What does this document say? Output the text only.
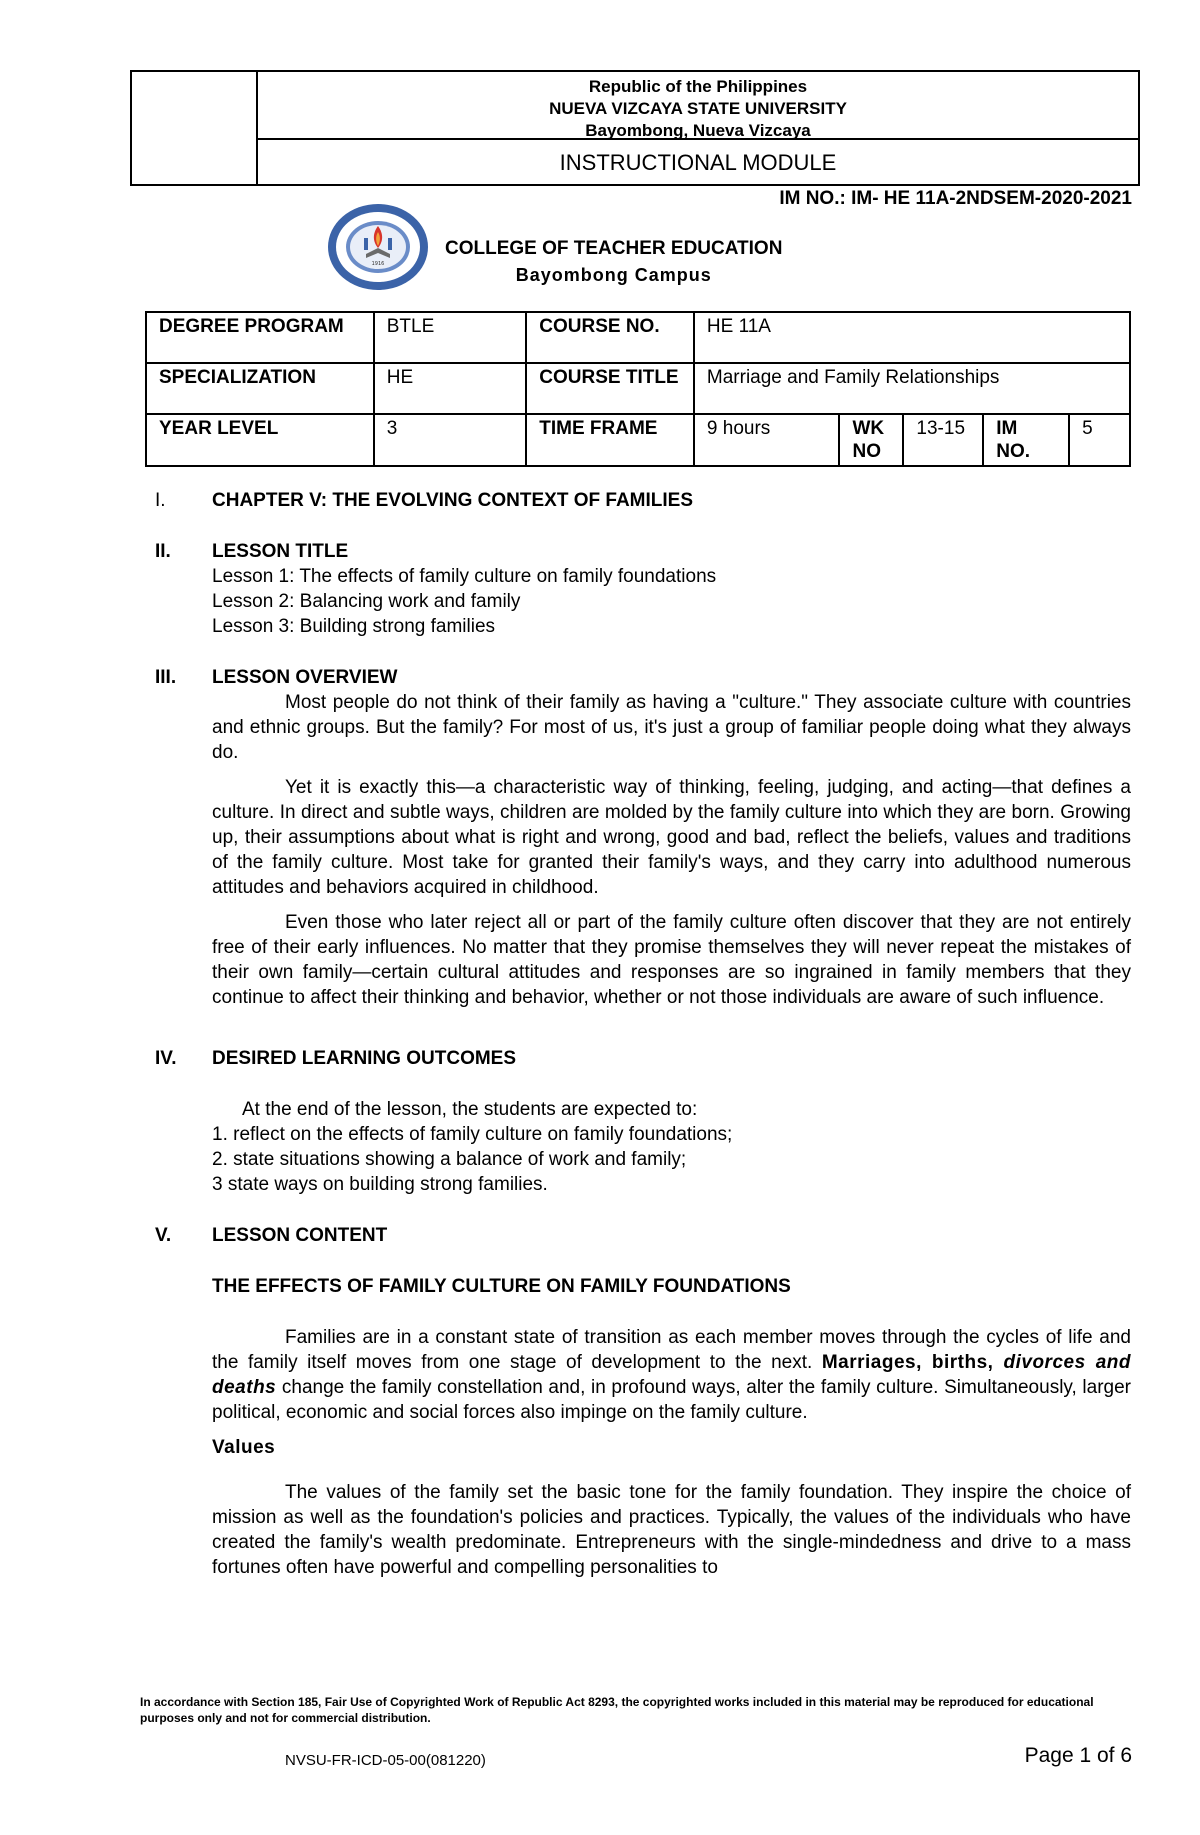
Republic of the Philippines
NUEVA VIZCAYA STATE UNIVERSITY
Bayombong, Nueva Vizcaya
INSTRUCTIONAL MODULE
IM NO.: IM- HE 11A-2NDSEM-2020-2021
1916
COLLEGE OF TEACHER EDUCATION
Bayombong Campus
DEGREE PROGRAM	BTLE	COURSE NO.	HE 11A				
SPECIALIZATION	HE	COURSE TITLE	Marriage and Family Relationships				
YEAR LEVEL	3	TIME FRAME	9 hours	WK NO	13-15	IM NO.	5
I.	CHAPTER V: THE EVOLVING CONTEXT OF FAMILIES
II.	LESSON TITLE
Lesson 1: The effects of family culture on family foundations
Lesson 2: Balancing work and family
Lesson 3: Building strong families
III.	LESSON OVERVIEW

Most people do not think of their family as having a "culture." They associate culture with countries and ethnic groups. But the family? For most of us, it's just a group of familiar people doing what they always do.

Yet it is exactly this—a characteristic way of thinking, feeling, judging, and acting—that defines a culture. In direct and subtle ways, children are molded by the family culture into which they are born. Growing up, their assumptions about what is right and wrong, good and bad, reflect the beliefs, values and traditions of the family culture. Most take for granted their family's ways, and they carry into adulthood numerous attitudes and behaviors acquired in childhood.

Even those who later reject all or part of the family culture often discover that they are not entirely free of their early influences. No matter that they promise themselves they will never repeat the mistakes of their own family—certain cultural attitudes and responses are so ingrained in family members that they continue to affect their thinking and behavior, whether or not those individuals are aware of such influence.

IV.	DESIRED LEARNING OUTCOMES
At the end of the lesson, the students are expected to:
1. reflect on the effects of family culture on family foundations;
2. state situations showing a balance of work and family;
3 state ways on building strong families.
V.	LESSON CONTENT
THE EFFECTS OF FAMILY CULTURE ON FAMILY FOUNDATIONS

Families are in a constant state of transition as each member moves through the cycles of life and the family itself moves from one stage of development to the next. Marriages, births, divorces and deaths change the family constellation and, in profound ways, alter the family culture. Simultaneously, larger political, economic and social forces also impinge on the family culture.

Values

The values of the family set the basic tone for the family foundation. They inspire the choice of mission as well as the foundation's policies and practices. Typically, the values of the individuals who have created the family's wealth predominate. Entrepreneurs with the single-mindedness and drive to a mass fortunes often have powerful and compelling personalities to

In accordance with Section 185, Fair Use of Copyrighted Work of Republic Act 8293, the copyrighted works included in this material may be reproduced for educational purposes only and not for commercial distribution.
NVSU-FR-ICD-05-00(081220)	Page 1 of 6
